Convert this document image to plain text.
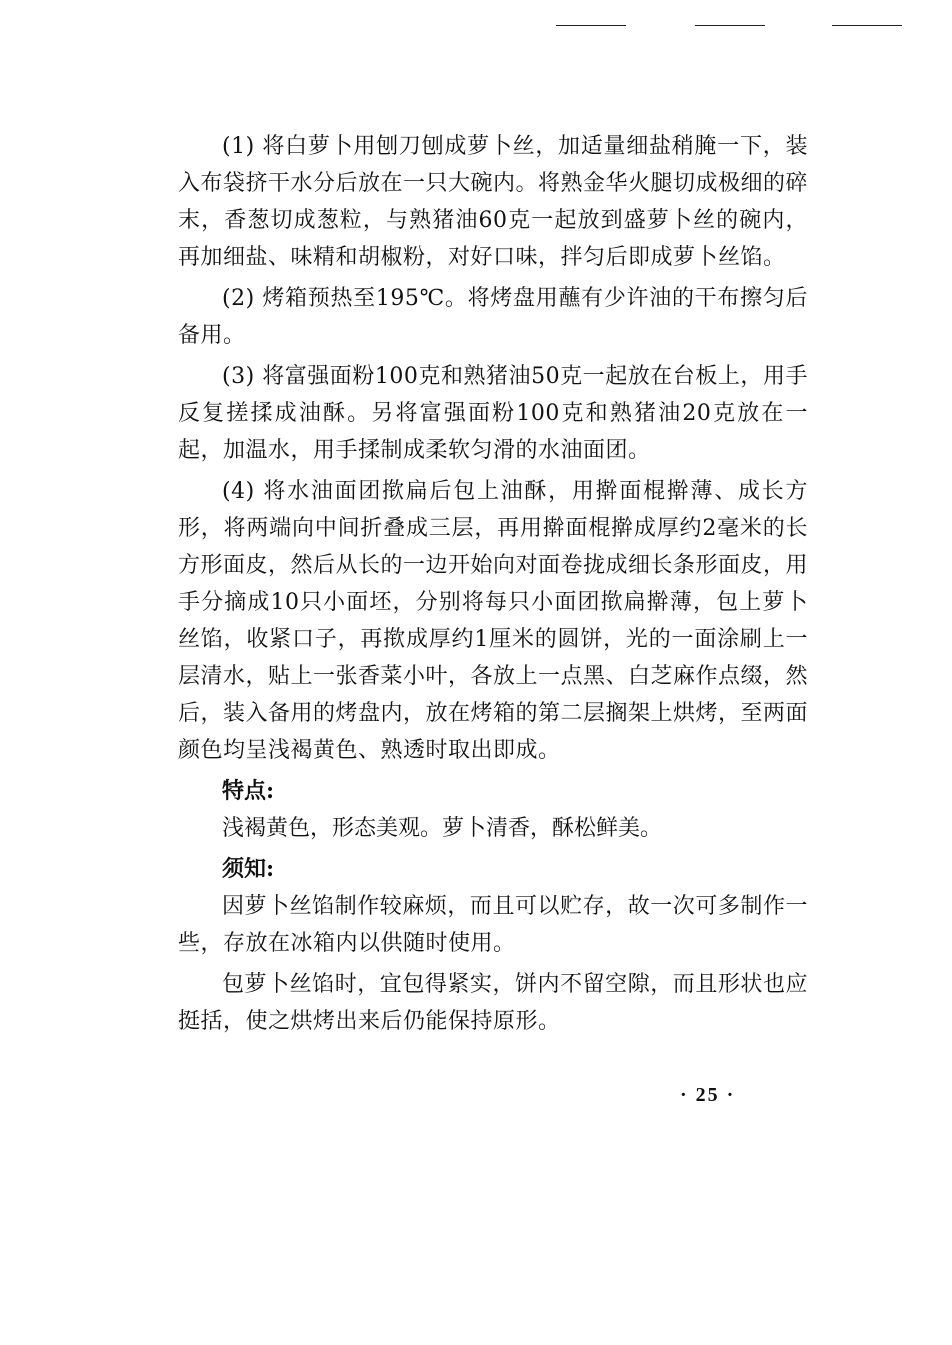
(1) 将白萝卜用刨刀刨成萝卜丝，加适量细盐稍腌一下，装入布袋挤干水分后放在一只大碗内。将熟金华火腿切成极细的碎末，香葱切成葱粒，与熟猪油60克一起放到盛萝卜丝的碗内，再加细盐、味精和胡椒粉，对好口味，拌匀后即成萝卜丝馅。

(2) 烤箱预热至195℃。将烤盘用蘸有少许油的干布擦匀后备用。

(3) 将富强面粉100克和熟猪油50克一起放在台板上，用手反复搓揉成油酥。另将富强面粉100克和熟猪油20克放在一起，加温水，用手揉制成柔软匀滑的水油面团。

(4) 将水油面团揿扁后包上油酥，用擀面棍擀薄、成长方形，将两端向中间折叠成三层，再用擀面棍擀成厚约2毫米的长方形面皮，然后从长的一边开始向对面卷拢成细长条形面皮，用手分摘成10只小面坯，分别将每只小面团揿扁擀薄，包上萝卜丝馅，收紧口子，再揿成厚约1厘米的圆饼，光的一面涂刷上一层清水，贴上一张香菜小叶，各放上一点黑、白芝麻作点缀，然后，装入备用的烤盘内，放在烤箱的第二层搁架上烘烤，至两面颜色均呈浅褐黄色、熟透时取出即成。

特点:

浅褐黄色，形态美观。萝卜清香，酥松鲜美。

须知:

因萝卜丝馅制作较麻烦，而且可以贮存，故一次可多制作一些，存放在冰箱内以供随时使用。

包萝卜丝馅时，宜包得紧实，饼内不留空隙，而且形状也应挺括，使之烘烤出来后仍能保持原形。

· 25 ·
